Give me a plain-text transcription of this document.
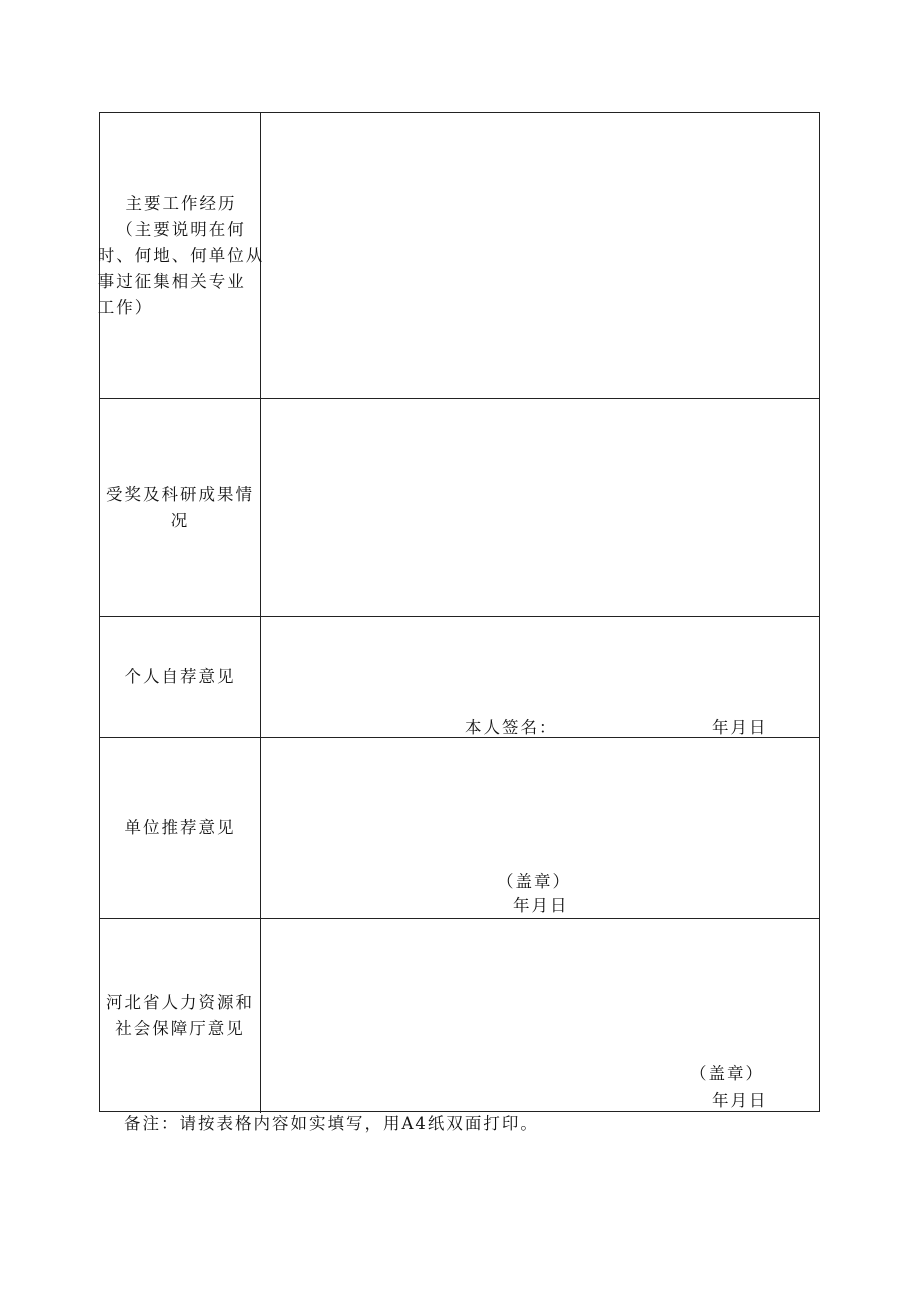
主要工作经历
（主要说明在何
时、何地、何单位从
事过征集相关专业
工作）
受奖及科研成果情
况
个人自荐意见
本人签名：	年月日
单位推荐意见
（盖章）
年月日
河北省人力资源和
社会保障厅意见
（盖章）
年月日
备注：请按表格内容如实填写，用A4纸双面打印。
